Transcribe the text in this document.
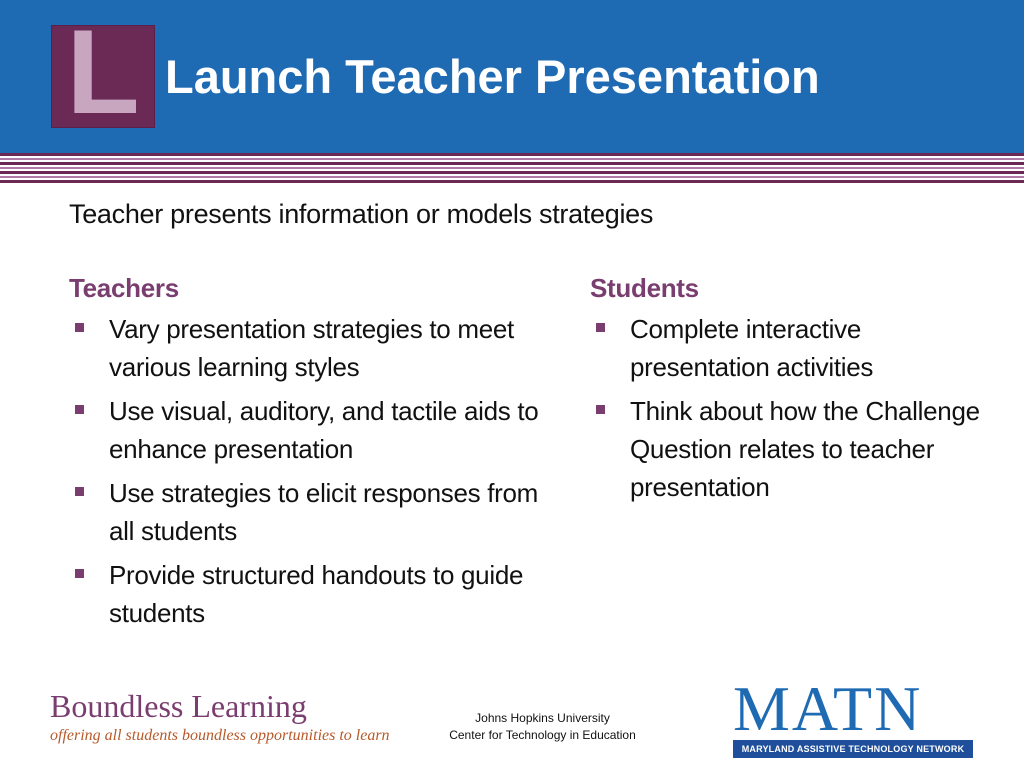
L Launch Teacher Presentation
Teacher presents information or models strategies
Teachers
Vary presentation strategies to meet various learning styles
Use visual, auditory, and tactile aids to enhance presentation
Use strategies to elicit responses from all students
Provide structured handouts to guide students
Students
Complete interactive presentation activities
Think about how the Challenge Question relates to teacher presentation
Boundless Learning
offering all students boundless opportunities to learn
Johns Hopkins University
Center for Technology in Education	MATN
MARYLAND ASSISTIVE TECHNOLOGY NETWORK
